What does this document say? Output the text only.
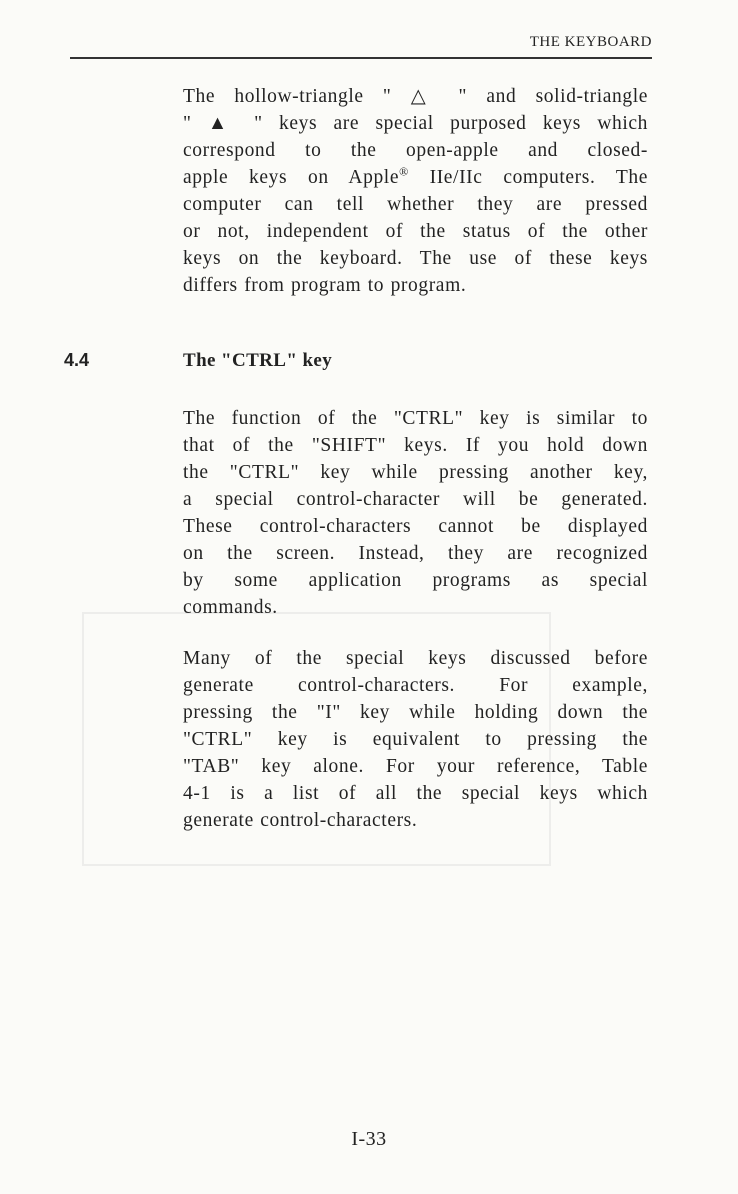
THE KEYBOARD

The hollow-triangle " △ " and solid-triangle
" ▲ " keys are special purposed keys which
correspond to the open-apple and closed-
apple keys on Apple® IIe/IIc computers. The
computer can tell whether they are pressed
or not, independent of the status of the other
keys on the keyboard. The use of these keys
differs from program to program.

4.4	The "CTRL" key

The function of the "CTRL" key is similar to
that of the "SHIFT" keys. If you hold down
the "CTRL" key while pressing another key,
a special control-character will be generated.
These control-characters cannot be displayed
on the screen. Instead, they are recognized
by some application programs as special
commands.

Many of the special keys discussed before
generate control-characters. For example,
pressing the "I" key while holding down the
"CTRL" key is equivalent to pressing the
"TAB" key alone. For your reference, Table
4-1 is a list of all the special keys which
generate control-characters.

I-33
